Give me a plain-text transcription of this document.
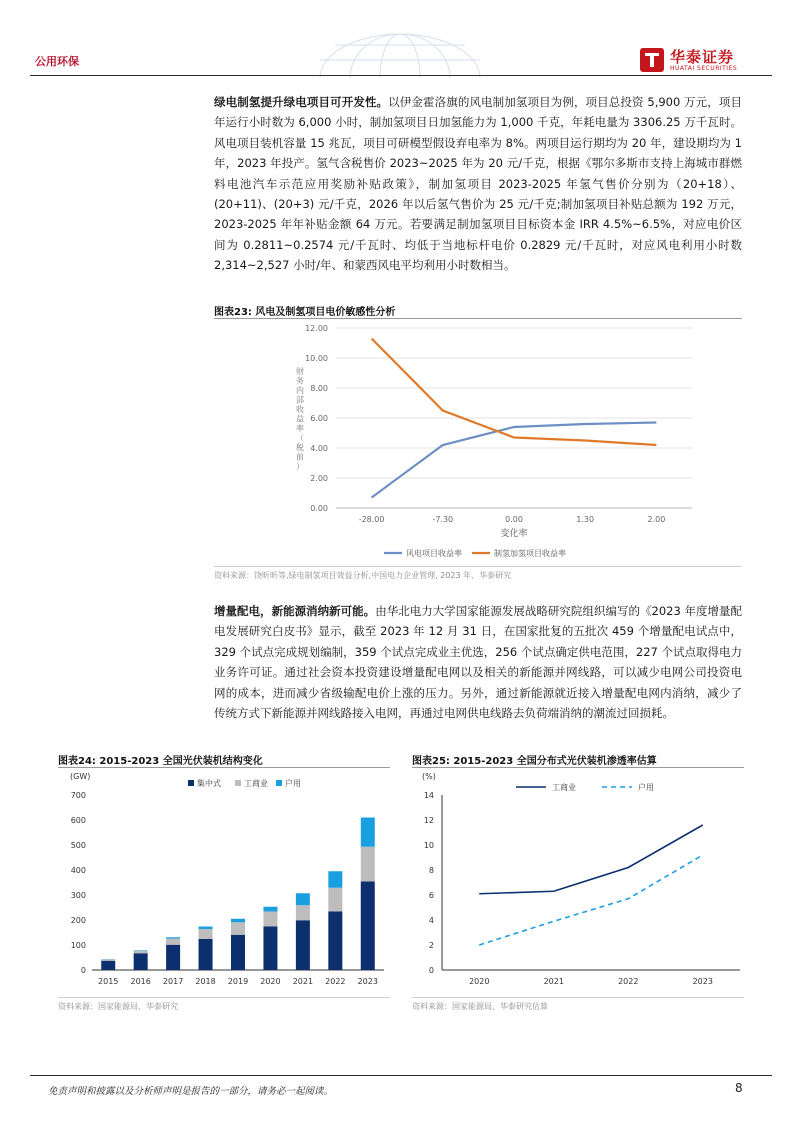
公用环保	华泰证券
HUATAI SECURITIES
绿电制氢提升绿电项目可开发性。以伊金霍洛旗的风电制加氢项目为例，项目总投资 5,900 万元，项目年运行小时数为 6,000 小时，制加氢项目日加氢能力为 1,000 千克，年耗电量为 3306.25 万千瓦时。风电项目装机容量 15 兆瓦，项目可研模型假设弃电率为 8%。两项目运行期均为 20 年，建设期均为 1 年，2023 年投产。氢气含税售价 2023~2025 年为 20 元/千克，根据《鄂尔多斯市支持上海城市群燃料电池汽车示范应用奖励补贴政策》，制加氢项目 2023-2025 年氢气售价分别为（20+18）、(20+11)、(20+3) 元/千克，2026 年以后氢气售价为 25 元/千克;制加氢项目补贴总额为 192 万元，2023-2025 年年补贴金额 64 万元。若要满足制加氢项目目标资本金 IRR 4.5%~6.5%，对应电价区间为 0.2811~0.2574 元/千瓦时、均低于当地标杆电价 0.2829 元/千瓦时，对应风电利用小时数 2,314~2,527 小时/年、和蒙西风电平均利用小时数相当。
图表23: 风电及制氢项目电价敏感性分析
0.00
2.00
4.00
6.00
8.00
10.00
12.00
-28.00	-7.30	0.00	1.30	2.00
变化率
财务内部收益率（税前）
风电项目收益率	制氢加氢项目收益率
资料来源：饶昕昕等,绿电制氢项目效益分析,中国电力企业管理, 2023 年、华泰研究
增量配电，新能源消纳新可能。由华北电力大学国家能源发展战略研究院组织编写的《2023 年度增量配电发展研究白皮书》显示，截至 2023 年 12 月 31 日，在国家批复的五批次 459 个增量配电试点中，329 个试点完成规划编制，359 个试点完成业主优选，256 个试点确定供电范围，227 个试点取得电力业务许可证。通过社会资本投资建设增量配电网以及相关的新能源并网线路，可以减少电网公司投资电网的成本，进而减少省级输配电价上涨的压力。另外，通过新能源就近接入增量配电网内消纳，减少了传统方式下新能源并网线路接入电网，再通过电网供电线路去负荷端消纳的潮流过回损耗。
图表24: 2015-2023 全国光伏装机结构变化
(GW)
0
100
200
300
400
500
600
700
2015 2016 2017 2018 2019 2020 2021 2022 2023
集中式	工商业 户用
资料来源：国家能源局、华泰研究
图表25: 2015-2023 全国分布式光伏装机渗透率估算
(%)
0
2
4
6
8
10
12
14
2020	2021	2022	2023
工商业	户用
资料来源：国家能源局、华泰研究估算
免责声明和披露以及分析师声明是报告的一部分，请务必一起阅读。	8
